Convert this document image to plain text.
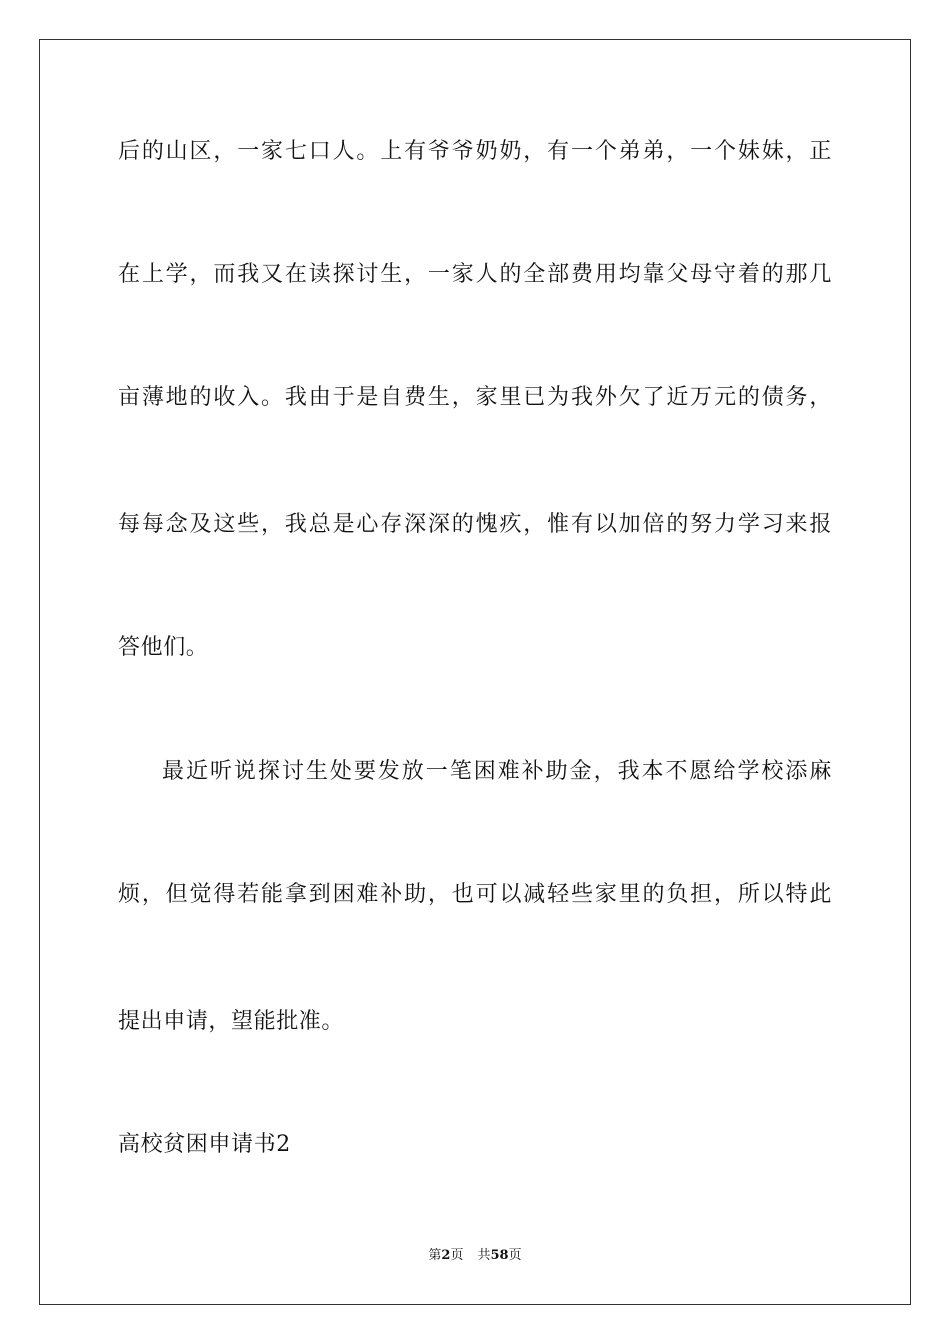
后的山区，一家七口人。上有爷爷奶奶，有一个弟弟，一个妹妹，正
在上学，而我又在读探讨生，一家人的全部费用均靠父母守着的那几
亩薄地的收入。我由于是自费生，家里已为我外欠了近万元的债务，
每每念及这些，我总是心存深深的愧疚，惟有以加倍的努力学习来报
答他们。
最近听说探讨生处要发放一笔困难补助金，我本不愿给学校添麻
烦，但觉得若能拿到困难补助，也可以减轻些家里的负担，所以特此
提出申请，望能批准。
高校贫困申请书2
第2页 共58页
